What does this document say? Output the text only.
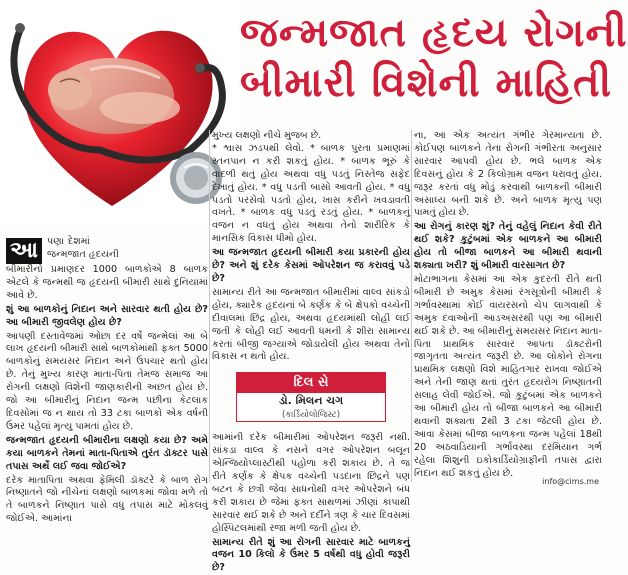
જન્મજાત હૃદય રોગની
બીમારી વિશેની માહિતી
આ પણા દેશમાં

જન્મજાત હૃદયની

બીમારીનો પ્રમાણદર 1000 બાળકોએ 8 બાળક એટલે કે જન્મથી જ હૃદયની બીમારી સાથે દુનિયામાં આવે છે.

શું આ બાળકોનું નિદાન અને સારવાર થતી હોય છે? આ બીમારી જીવલેણ હોય છે?

આપણી દસ્તાવેજમાં ઓછા દર વર્ષે જન્મેલાં આ બે લાખ હૃદયની બીમારી સાથે બાળકોમાંથી ફક્ત 5000 બાળકોનું સમયસર નિદાન અને ઉપચાર થતો હોય છે. તેનું મુખ્ય કારણ માતા-પિતા તેમજ સમાજ આ રોગની લક્ષણો વિશેની જાણકારીની અછત હોય છે. જો આ બીમારીનું નિદાન જન્મ પછીના કેટલાક દિવસોમાં જ ન થાય તો 33 ટકા બાળકો એક વર્ષની ઉંમર પહેલાં મૃત્યુ પામતાં હોય છે.

જન્મજાત હૃદયની બીમારીના લક્ષણો કયા છે? અમે કયા બાળકને તેમનાં માતા-પિતાએ તુરંત ડૉક્ટર પાસે તપાસ અર્થે લઈ જવા જોઈએ?

દરેક માતાપિતા અથવા ફેમિલી ડૉક્ટરે કે બાળ રોગ નિષ્ણાતને જો નીચેનાં લક્ષણો બાળકમાં જોવા મળે તો તે બાળકને નિષ્ણાત પાસે વધુ તપાસ માટે મોકલવું જોઈએ. આમાંના

મુખ્ય લક્ષણો નીચે મુજબ છે.

* શ્વાસ ઝડપથી લેવો. * બાળક પુરતા પ્રમાણમાં સ્તનપાન ન કરી શકતું હોય. * બાળક ભૂરું કે વાદળી થતું હોય અથવા વધુ પડતું નિસ્તેજ સફેદ દેખાતું હોય. * વધુ પડતી બાસો આવતી હોય. * વધુ પડતો પરસેવો પડતો હોય, ખાસ કરીને ખવડાવતી વખતે. * બાળક વધુ પડતું રડતું હોય. * બાળકનું વજન ન વધતું હોય અથવા તેનો શારીરિક કે માનસિક વિકાસ ધીમો હોય.

આ જન્મજાત હૃદયની બીમારી કયા પ્રકારની હોય છે? અને શું દરેક કેસમાં ઓપરેશન જ કરાવવું પડે છે?

સામાન્ય રીતે આ જન્મજાત બીમારીમાં વાલ્વ સાંકડો હોય, ક્યારેક હૃદયનાં બે કર્ણક કે બે ક્ષેપકો વચ્ચેની દીવાલમાં છિદ્ર હોય, અથવા હૃદયમાંથી લોહી લઈ જતી કે લોહી લઈ આવતી ધમની કે શીરા સામાન્ય કરતાં બીજી જગ્યાએ જોડાયેલી હોય અથવા તેનો વિકાસ ન થતો હોય.

દિલ સે
ડો. મિલન ચગ
(કાર્ડિયોલોજિસ્ટ)

આમાંની દરેક બીમારીમાં ઓપરેશન જરૂરી નથી. સાંકડા વાલ્વ કે નસને વગર ઓપરેશન બલૂન એન્જિયોપ્લાસ્ટીથી પહોળા કરી શકાય છે. તે જ રીતે કર્ણક કે ક્ષેપક વચ્ચેની પડદાના છિદ્રને પણ બટન કે છત્રી જેવા સાધનોથી વગર ઓપરેશને બંધ કરી શકાય છે જેમાં ફક્ત સાથળમાં ઝીણાં કાપાથી સારવાર થઈ શકે છે અને દર્દીને ત્રણ કે ચાર દિવસમાં હોસ્પિટલમાંથી રજા મળી જતી હોય છે.

સામાન્ય રીતે શું આ રોગની સારવાર માટે બાળકનું વજન 10 કિલો કે ઉંમર 5 વર્ષથી વધુ હોવી જરૂરી છે?

ના, આ એક અત્યંત ગંભીર ગેરમાન્યતા છે. કોઈપણ બાળકને તેના રોગની ગંભીરતા અનુસાર સારવાર આપવી હોય છે. ભલે બાળક એક દિવસનું હોય કે 2 કિલોગ્રામ વજન ધરાવતું હોય. જરૂર કરતાં વધુ મોડું કરવાથી બાળકની બીમારી અસાધ્ય બની શકે છે. અને બાળક મૃત્યુ પણ પામતું હોય છે.

આ રોગનું કારણ શું? તેનું વહેલું નિદાન કેવી રીતે થઈ શકે? કુટુંબમાં એક બાળકને આ બીમારી હોય તો બીજા બાળકને આ બીમારી થવાની શક્યતા ખરી? શું બીમારી વારસાગત છે?

મોટાભાગના કેસમાં આ એક કુદરતી રીતે થતી બીમારી છે અમુક કેસમાં રંગસૂત્રોની બીમારી કે ગર્ભાવસ્થામાં કોઈ વાયરસનો ચેપ લાગવાથી કે અમુક દવાઓની આડઅસરથી પણ આ બીમારી થઈ શકે છે. આ બીમારીનું સમયસર નિદાન માતા-પિતા પ્રાથમિક સારવાર આપતા ડૉક્ટરોની જાગૃતતા અત્યંત જરૂરી છે. આ લોકોને રોગના પ્રાથમિક લક્ષણો વિશે માહિતગાર રાખવા જોઈએ અને તેની જાણ થતાં તુરંત હૃદયરોગ નિષ્ણાતની સલાહ લેવી જોઈએ. જો કુટુંબમાં એક બાળકને આ બીમારી હોય તો બીજા બાળકને આ બીમારી થવાની શક્યતા 2થી 3 ટકા જેટલી હોય છે. આવા કેસમાં બીજા બાળકના જન્મ પહેલાં 18થી 20 અઠવાડિયાની ગર્ભાવસ્થા દરમિયાન ગર્ભ રહેલા શિશુની ઇકોકાર્ડિયોગ્રાફીની તપાસ દ્વારા નિદાન થઈ શકતું હોય છે.

info@cims.me
